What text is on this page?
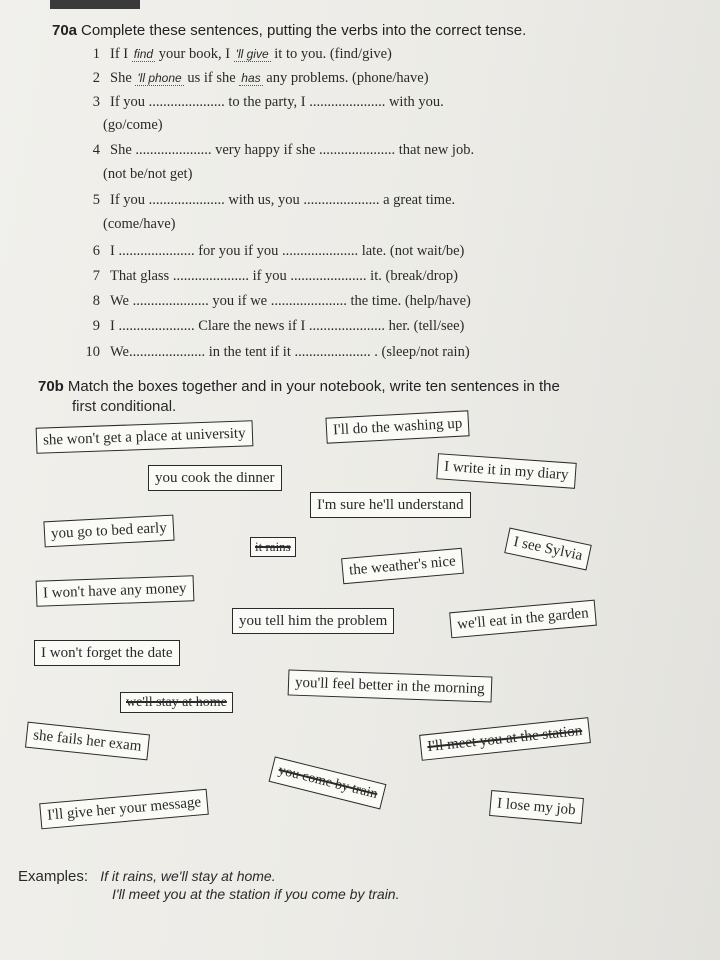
70a Complete these sentences, putting the verbs into the correct tense.
1 If I find your book, I 'll give it to you. (find/give)
2 She 'll phone us if she has any problems. (phone/have)
3 If you ..................... to the party, I ..................... with you.
(go/come)
4 She ..................... very happy if she ..................... that new job.
(not be/not get)
5 If you ..................... with us, you ..................... a great time.
(come/have)
6 I ..................... for you if you ..................... late. (not wait/be)
7 That glass ..................... if you ..................... it. (break/drop)
8 We ..................... you if we ..................... the time. (help/have)
9 I ..................... Clare the news if I ..................... her. (tell/see)
10 We..................... in the tent if it ..................... . (sleep/not rain)
70b Match the boxes together and in your notebook, write ten sentences in the
first conditional.
she won't get a place at university	I'll do the washing up
I write it in my diary
you cook the dinner
I'm sure he'll understand
you go to bed early
it rains	I see Sylvia
the weather's nice
I won't have any money
you tell him the problem	we'll eat in the garden
I won't forget the date
you'll feel better in the morning
we'll stay at home
she fails her exam	I'll meet you at the station
you come by train
I'll give her your message	I lose my job
Examples: If it rains, we'll stay at home.
I'll meet you at the station if you come by train.
